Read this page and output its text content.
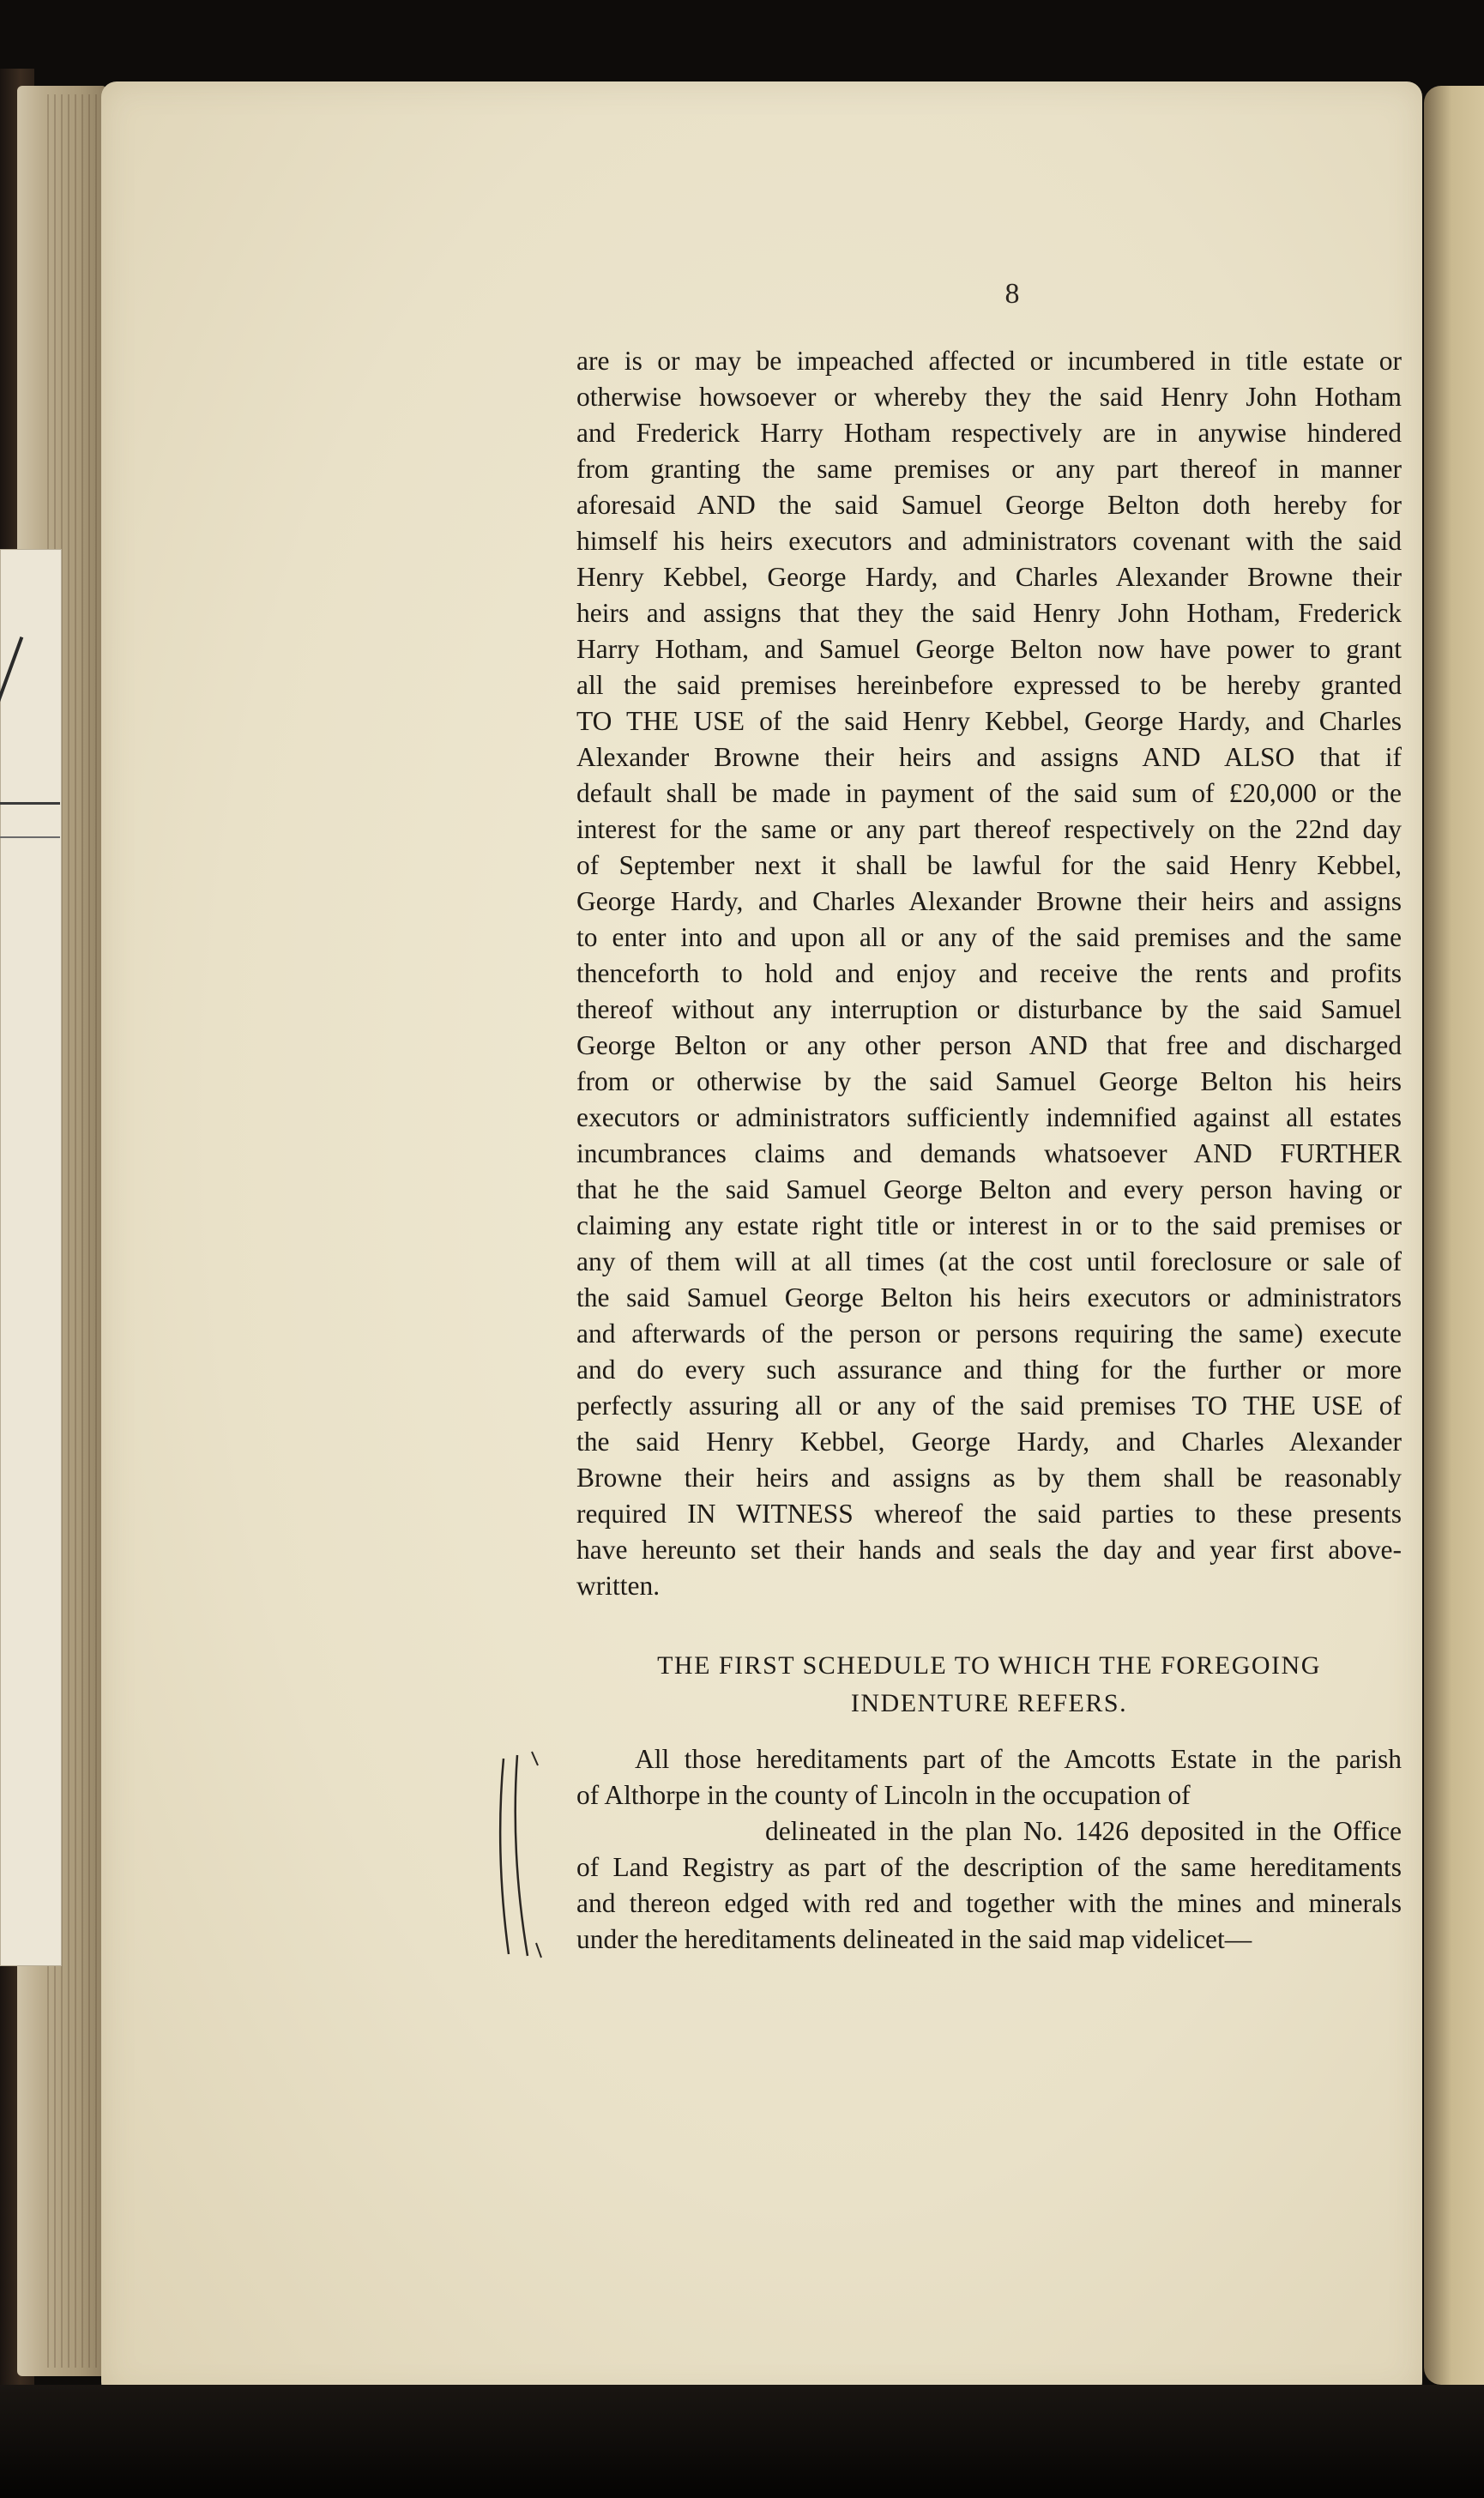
8
are is or may be impeached affected or incumbered in title estate or
otherwise howsoever or whereby they the said Henry John Hotham
and Frederick Harry Hotham respectively are in anywise hindered
from granting the same premises or any part thereof in manner
aforesaid AND the said Samuel George Belton doth hereby for
himself his heirs executors and administrators covenant with the said
Henry Kebbel, George Hardy, and Charles Alexander Browne their
heirs and assigns that they the said Henry John Hotham, Frederick
Harry Hotham, and Samuel George Belton now have power to grant
all the said premises hereinbefore expressed to be hereby granted
TO THE USE of the said Henry Kebbel, George Hardy, and Charles
Alexander Browne their heirs and assigns AND ALSO that if
default shall be made in payment of the said sum of £20,000 or the
interest for the same or any part thereof respectively on the 22nd day
of September next it shall be lawful for the said Henry Kebbel,
George Hardy, and Charles Alexander Browne their heirs and assigns
to enter into and upon all or any of the said premises and the same
thenceforth to hold and enjoy and receive the rents and profits
thereof without any interruption or disturbance by the said Samuel
George Belton or any other person AND that free and discharged
from or otherwise by the said Samuel George Belton his heirs
executors or administrators sufficiently indemnified against all estates
incumbrances claims and demands whatsoever AND FURTHER
that he the said Samuel George Belton and every person having or
claiming any estate right title or interest in or to the said premises or
any of them will at all times (at the cost until foreclosure or sale of
the said Samuel George Belton his heirs executors or administrators
and afterwards of the person or persons requiring the same) execute
and do every such assurance and thing for the further or more
perfectly assuring all or any of the said premises TO THE USE of
the said Henry Kebbel, George Hardy, and Charles Alexander
Browne their heirs and assigns as by them shall be reasonably
required IN WITNESS whereof the said parties to these presents
have hereunto set their hands and seals the day and year first above-
written.
THE FIRST SCHEDULE TO WHICH THE FOREGOING
INDENTURE REFERS.
All those hereditaments part of the Amcotts Estate in the parish
of Althorpe in the county of Lincoln in the occupation of
delineated in the plan No. 1426 deposited in the Office
of Land Registry as part of the description of the same hereditaments
and thereon edged with red and together with the mines and minerals
under the hereditaments delineated in the said map videlicet—
